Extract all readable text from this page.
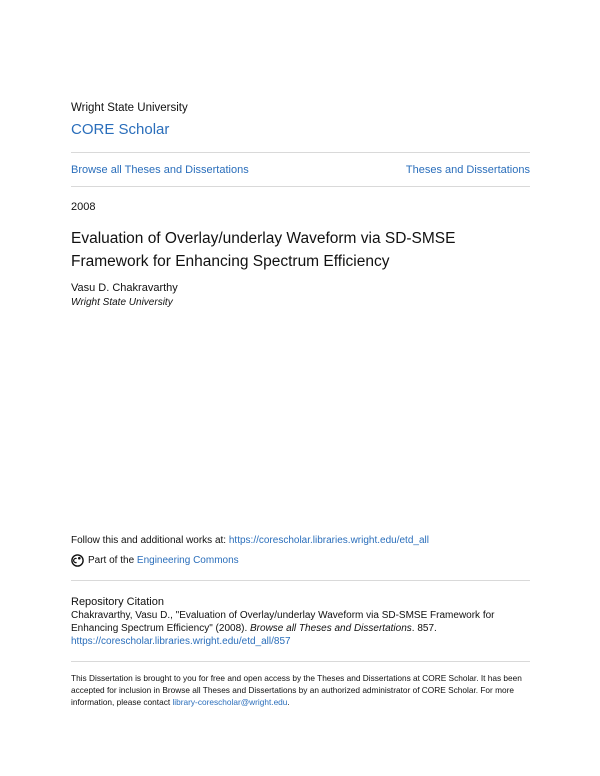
Wright State University
CORE Scholar
Browse all Theses and Dissertations	Theses and Dissertations
2008
Evaluation of Overlay/underlay Waveform via SD-SMSE Framework for Enhancing Spectrum Efficiency
Vasu D. Chakravarthy
Wright State University
Follow this and additional works at: https://corescholar.libraries.wright.edu/etd_all
Part of the Engineering Commons
Repository Citation
Chakravarthy, Vasu D., "Evaluation of Overlay/underlay Waveform via SD-SMSE Framework for Enhancing Spectrum Efficiency" (2008). Browse all Theses and Dissertations. 857.
https://corescholar.libraries.wright.edu/etd_all/857
This Dissertation is brought to you for free and open access by the Theses and Dissertations at CORE Scholar. It has been accepted for inclusion in Browse all Theses and Dissertations by an authorized administrator of CORE Scholar. For more information, please contact library-corescholar@wright.edu.
